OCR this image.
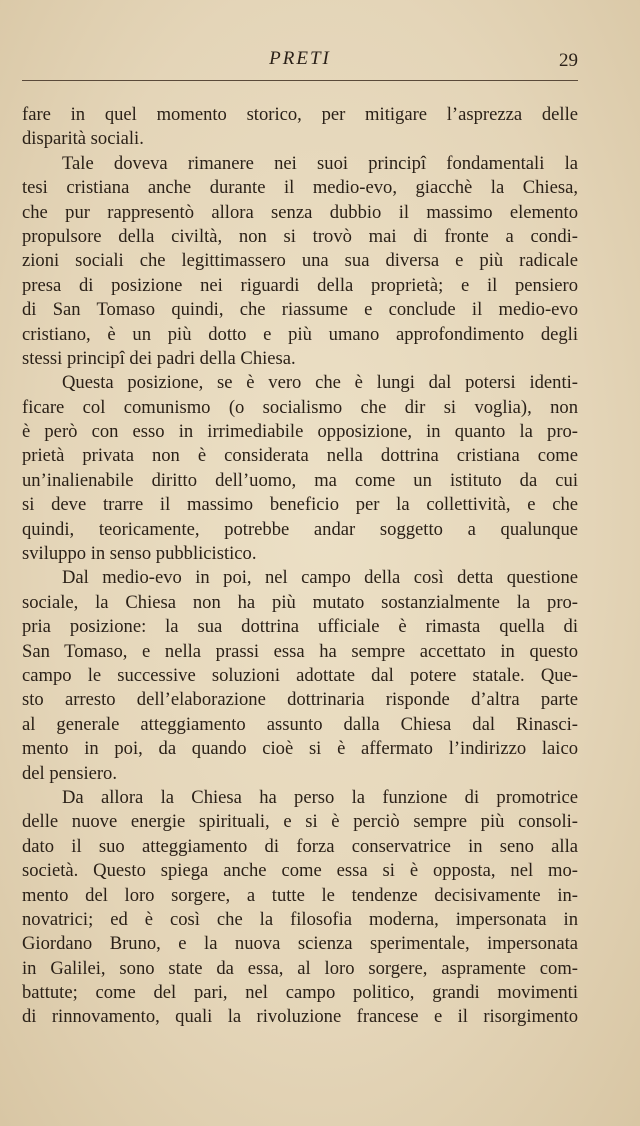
PRETI	29
fare in quel momento storico, per mitigare l’asprezza delle
disparità sociali.
Tale doveva rimanere nei suoi principî fondamentali la
tesi cristiana anche durante il medio-evo, giacchè la Chiesa,
che pur rappresentò allora senza dubbio il massimo elemento
propulsore della civiltà, non si trovò mai di fronte a condi-
zioni sociali che legittimassero una sua diversa e più radicale
presa di posizione nei riguardi della proprietà; e il pensiero
di San Tomaso quindi, che riassume e conclude il medio-evo
cristiano, è un più dotto e più umano approfondimento degli
stessi principî dei padri della Chiesa.
Questa posizione, se è vero che è lungi dal potersi identi-
ficare col comunismo (o socialismo che dir si voglia), non
è però con esso in irrimediabile opposizione, in quanto la pro-
prietà privata non è considerata nella dottrina cristiana come
un’inalienabile diritto dell’uomo, ma come un istituto da cui
si deve trarre il massimo beneficio per la collettività, e che
quindi, teoricamente, potrebbe andar soggetto a qualunque
sviluppo in senso pubblicistico.
Dal medio-evo in poi, nel campo della così detta questione
sociale, la Chiesa non ha più mutato sostanzialmente la pro-
pria posizione: la sua dottrina ufficiale è rimasta quella di
San Tomaso, e nella prassi essa ha sempre accettato in questo
campo le successive soluzioni adottate dal potere statale. Que-
sto arresto dell’elaborazione dottrinaria risponde d’altra parte
al generale atteggiamento assunto dalla Chiesa dal Rinasci-
mento in poi, da quando cioè si è affermato l’indirizzo laico
del pensiero.
Da allora la Chiesa ha perso la funzione di promotrice
delle nuove energie spirituali, e si è perciò sempre più consoli-
dato il suo atteggiamento di forza conservatrice in seno alla
società. Questo spiega anche come essa si è opposta, nel mo-
mento del loro sorgere, a tutte le tendenze decisivamente in-
novatrici; ed è così che la filosofia moderna, impersonata in
Giordano Bruno, e la nuova scienza sperimentale, impersonata
in Galilei, sono state da essa, al loro sorgere, aspramente com-
battute; come del pari, nel campo politico, grandi movimenti
di rinnovamento, quali la rivoluzione francese e il risorgimento
